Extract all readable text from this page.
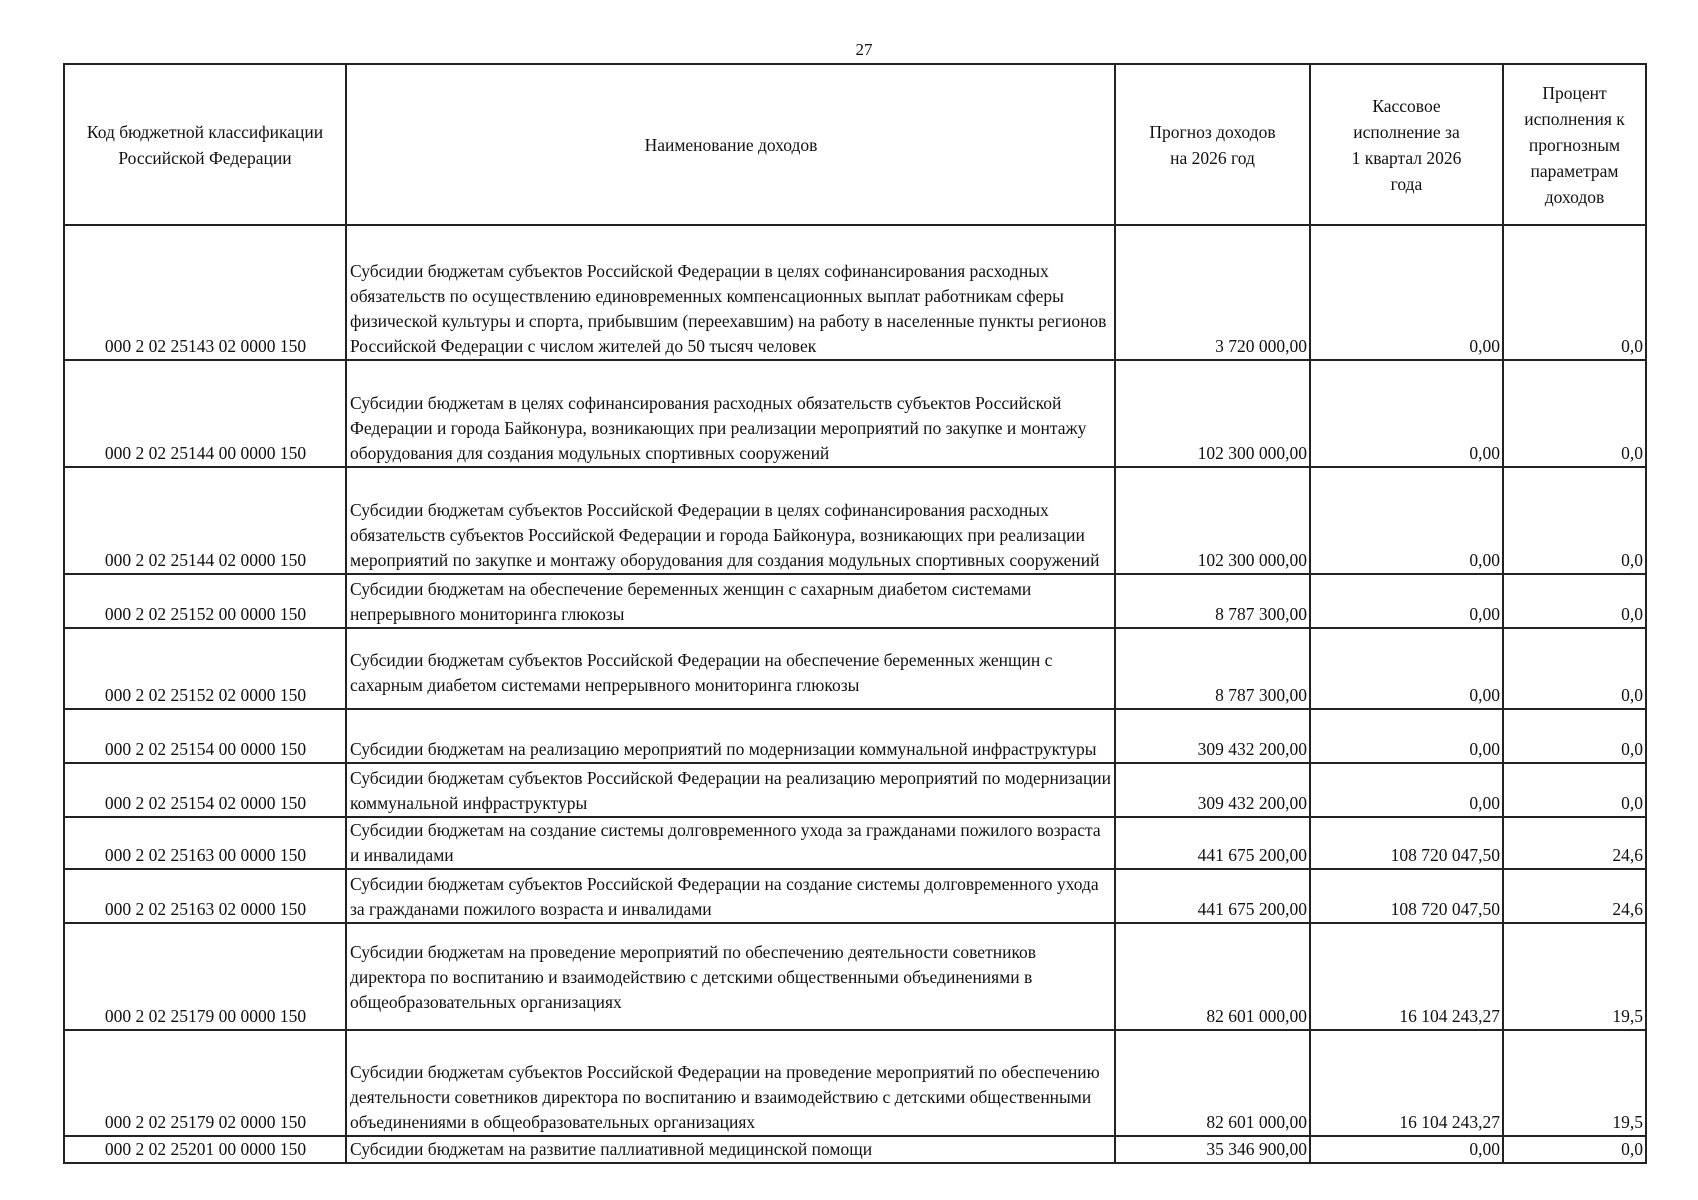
27
Код бюджетной классификации Российской Федерации	Наименование доходов	Прогноз доходов на 2026 год	Кассовое исполнение за 1 квартал 2026 года	Процент исполнения к прогнозным параметрам доходов
000 2 02 25143 02 0000 150	Субсидии бюджетам субъектов Российской Федерации в целях софинансирования расходных обязательств по осуществлению единовременных компенсационных выплат работникам сферы физической культуры и спорта, прибывшим (переехавшим) на работу в населенные пункты регионов Российской Федерации с числом жителей до 50 тысяч человек	3 720 000,00	0,00	0,0
000 2 02 25144 00 0000 150	Субсидии бюджетам в целях софинансирования расходных обязательств субъектов Российской Федерации и города Байконура, возникающих при реализации мероприятий по закупке и монтажу оборудования для создания модульных спортивных сооружений	102 300 000,00	0,00	0,0
000 2 02 25144 02 0000 150	Субсидии бюджетам субъектов Российской Федерации в целях софинансирования расходных обязательств субъектов Российской Федерации и города Байконура, возникающих при реализации мероприятий по закупке и монтажу оборудования для создания модульных спортивных сооружений	102 300 000,00	0,00	0,0
000 2 02 25152 00 0000 150	Субсидии бюджетам на обеспечение беременных женщин с сахарным диабетом системами непрерывного мониторинга глюкозы	8 787 300,00	0,00	0,0
000 2 02 25152 02 0000 150	Субсидии бюджетам субъектов Российской Федерации на обеспечение беременных женщин с сахарным диабетом системами непрерывного мониторинга глюкозы	8 787 300,00	0,00	0,0
000 2 02 25154 00 0000 150	Субсидии бюджетам на реализацию мероприятий по модернизации коммунальной инфраструктуры	309 432 200,00	0,00	0,0
000 2 02 25154 02 0000 150	Субсидии бюджетам субъектов Российской Федерации на реализацию мероприятий по модернизации коммунальной инфраструктуры	309 432 200,00	0,00	0,0
000 2 02 25163 00 0000 150	Субсидии бюджетам на создание системы долговременного ухода за гражданами пожилого возраста и инвалидами	441 675 200,00	108 720 047,50	24,6
000 2 02 25163 02 0000 150	Субсидии бюджетам субъектов Российской Федерации на создание системы долговременного ухода за гражданами пожилого возраста и инвалидами	441 675 200,00	108 720 047,50	24,6
000 2 02 25179 00 0000 150	Субсидии бюджетам на проведение мероприятий по обеспечению деятельности советников директора по воспитанию и взаимодействию с детскими общественными объединениями в общеобразовательных организациях	82 601 000,00	16 104 243,27	19,5
000 2 02 25179 02 0000 150	Субсидии бюджетам субъектов Российской Федерации на проведение мероприятий по обеспечению деятельности советников директора по воспитанию и взаимодействию с детскими общественными объединениями в общеобразовательных организациях	82 601 000,00	16 104 243,27	19,5
000 2 02 25201 00 0000 150	Субсидии бюджетам на развитие паллиативной медицинской помощи	35 346 900,00	0,00	0,0
